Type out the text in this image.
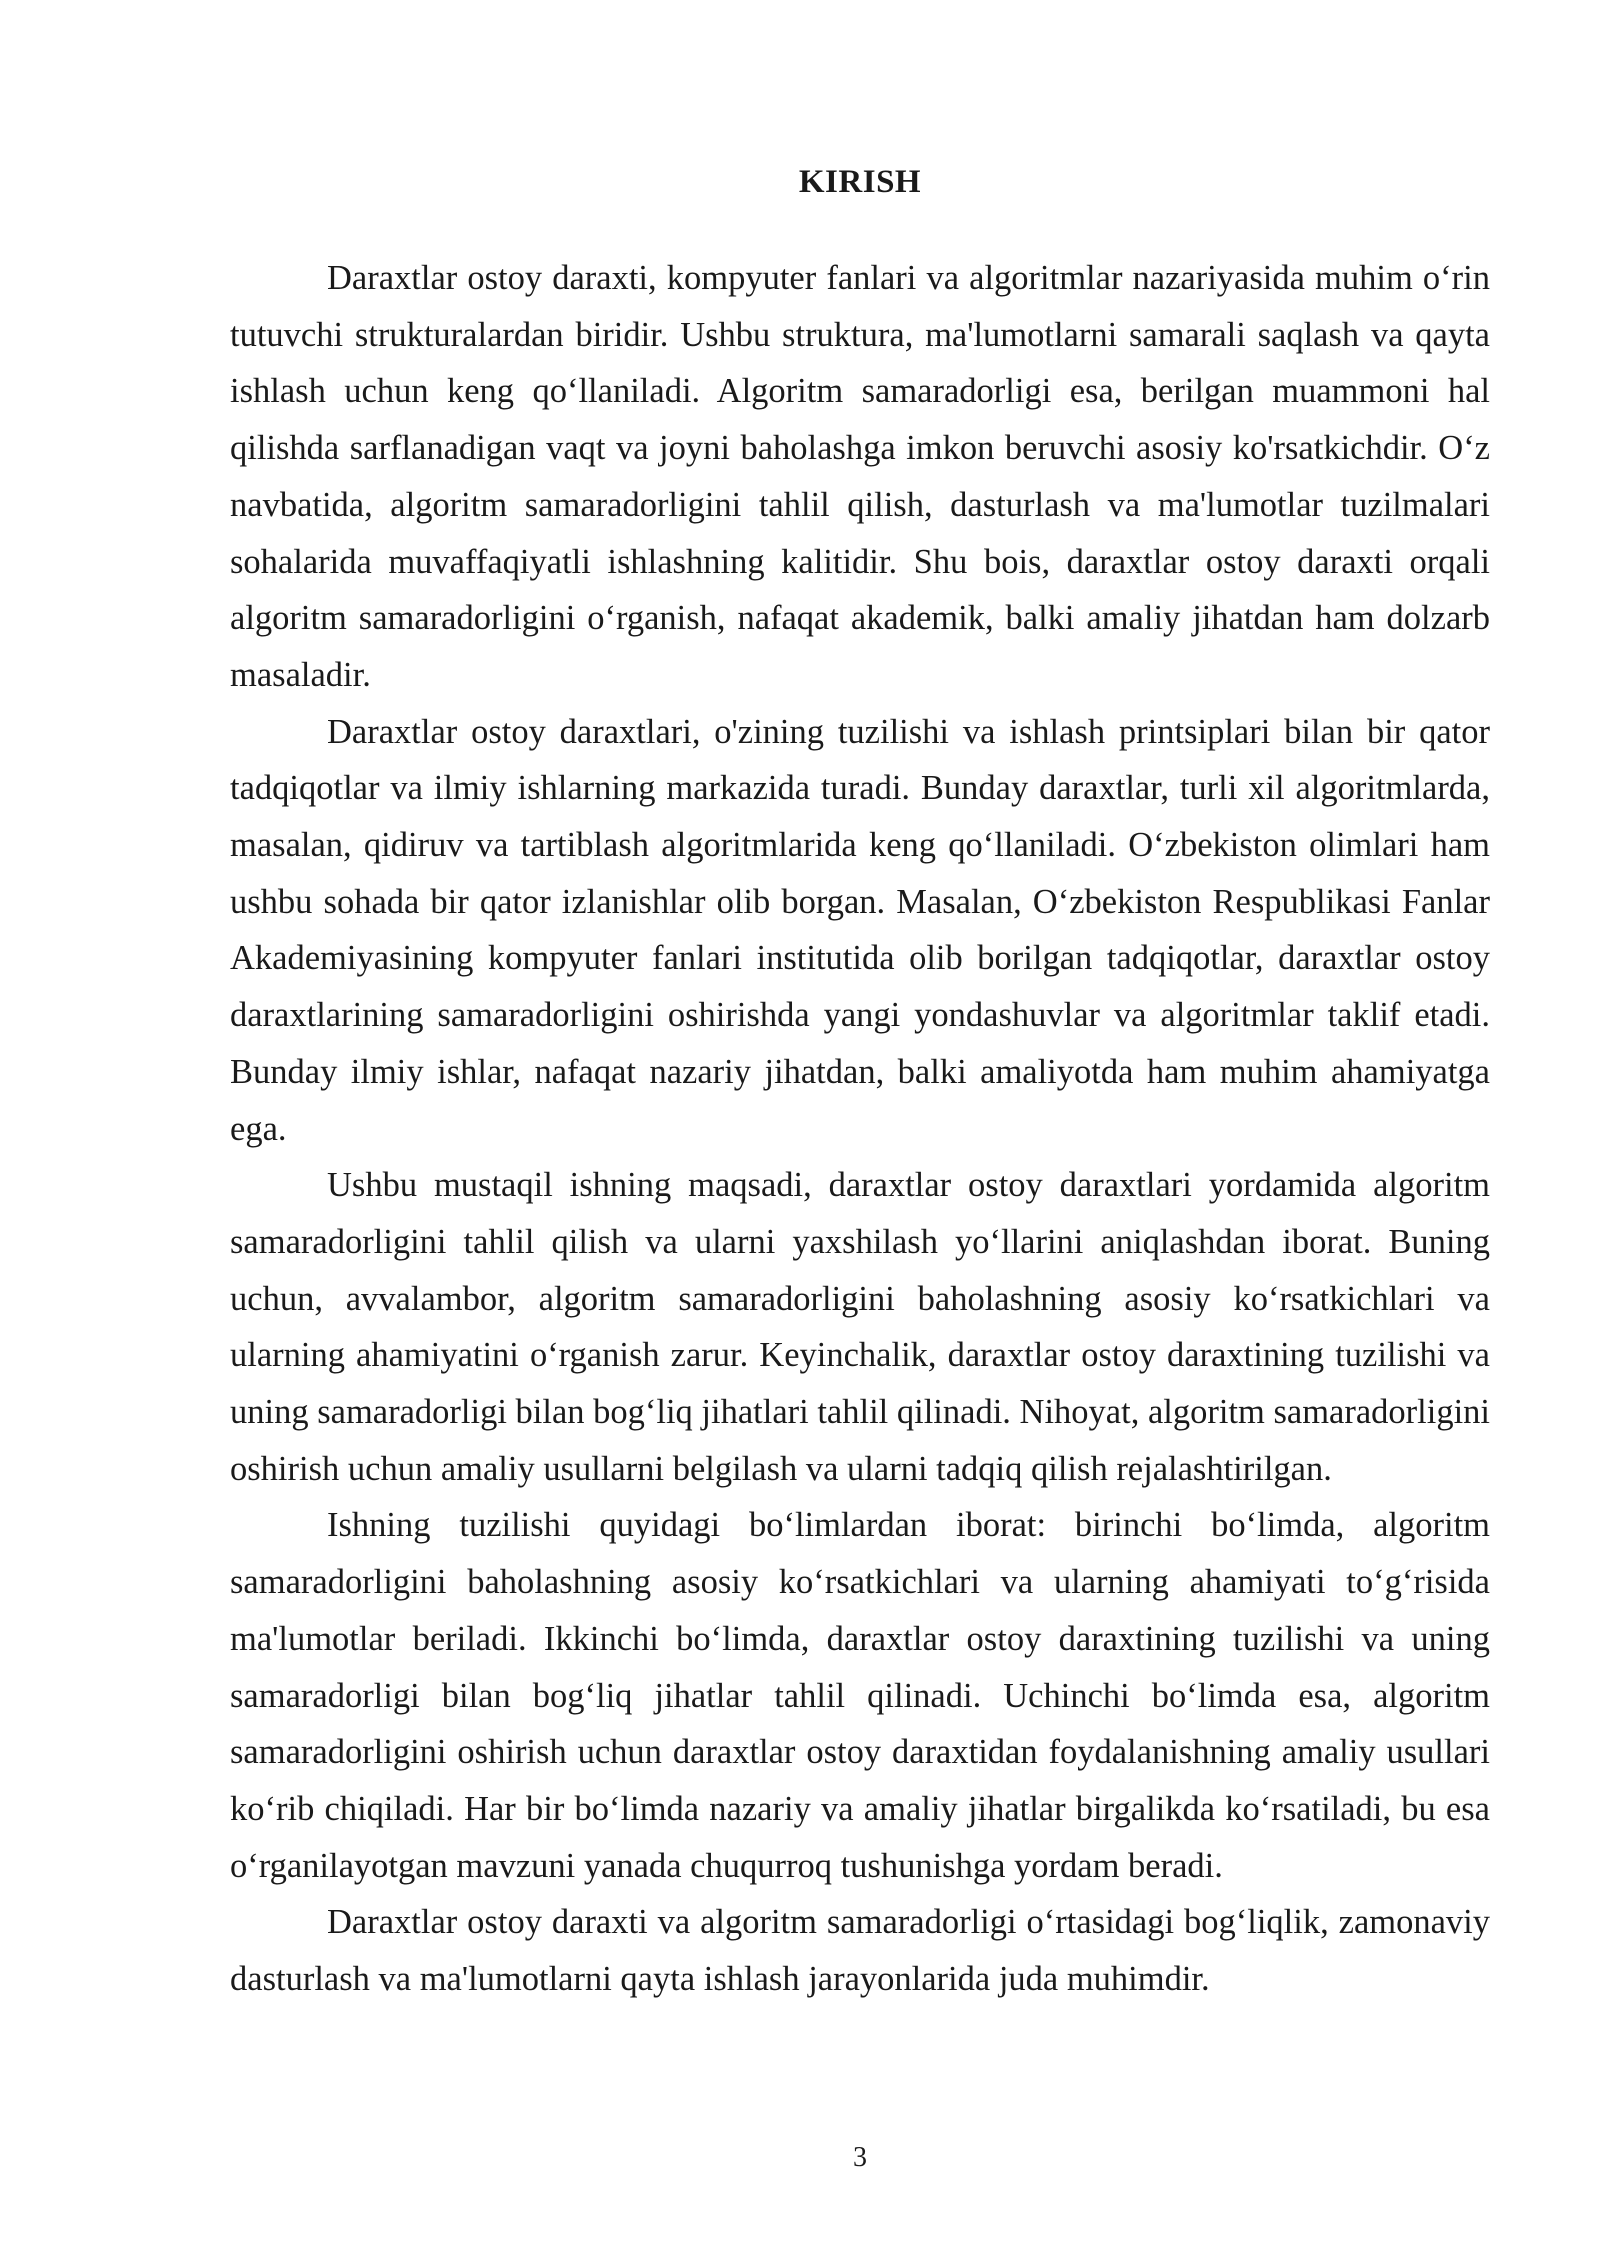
KIRISH

Daraxtlar ostoy daraxti, kompyuter fanlari va algoritmlar nazariyasida muhim o‘rin tutuvchi strukturalardan biridir. Ushbu struktura, ma'lumotlarni samarali saqlash va qayta ishlash uchun keng qo‘llaniladi. Algoritm samaradorligi esa, berilgan muammoni hal qilishda sarflanadigan vaqt va joyni baholashga imkon beruvchi asosiy ko'rsatkichdir. O‘z navbatida, algoritm samaradorligini tahlil qilish, dasturlash va ma'lumotlar tuzilmalari sohalarida muvaffaqiyatli ishlashning kalitidir. Shu bois, daraxtlar ostoy daraxti orqali algoritm samaradorligini o‘rganish, nafaqat akademik, balki amaliy jihatdan ham dolzarb masaladir.

Daraxtlar ostoy daraxtlari, o'zining tuzilishi va ishlash printsiplari bilan bir qator tadqiqotlar va ilmiy ishlarning markazida turadi. Bunday daraxtlar, turli xil algoritmlarda, masalan, qidiruv va tartiblash algoritmlarida keng qo‘llaniladi. O‘zbekiston olimlari ham ushbu sohada bir qator izlanishlar olib borgan. Masalan, O‘zbekiston Respublikasi Fanlar Akademiyasining kompyuter fanlari institutida olib borilgan tadqiqotlar, daraxtlar ostoy daraxtlarining samaradorligini oshirishda yangi yondashuvlar va algoritmlar taklif etadi. Bunday ilmiy ishlar, nafaqat nazariy jihatdan, balki amaliyotda ham muhim ahamiyatga ega.

Ushbu mustaqil ishning maqsadi, daraxtlar ostoy daraxtlari yordamida algoritm samaradorligini tahlil qilish va ularni yaxshilash yo‘llarini aniqlashdan iborat. Buning uchun, avvalambor, algoritm samaradorligini baholashning asosiy ko‘rsatkichlari va ularning ahamiyatini o‘rganish zarur. Keyinchalik, daraxtlar ostoy daraxtining tuzilishi va uning samaradorligi bilan bog‘liq jihatlari tahlil qilinadi. Nihoyat, algoritm samaradorligini oshirish uchun amaliy usullarni belgilash va ularni tadqiq qilish rejalashtirilgan.

Ishning tuzilishi quyidagi bo‘limlardan iborat: birinchi bo‘limda, algoritm samaradorligini baholashning asosiy ko‘rsatkichlari va ularning ahamiyati to‘g‘risida ma'lumotlar beriladi. Ikkinchi bo‘limda, daraxtlar ostoy daraxtining tuzilishi va uning samaradorligi bilan bog‘liq jihatlar tahlil qilinadi. Uchinchi bo‘limda esa, algoritm samaradorligini oshirish uchun daraxtlar ostoy daraxtidan foydalanishning amaliy usullari ko‘rib chiqiladi. Har bir bo‘limda nazariy va amaliy jihatlar birgalikda ko‘rsatiladi, bu esa o‘rganilayotgan mavzuni yanada chuqurroq tushunishga yordam beradi.

Daraxtlar ostoy daraxti va algoritm samaradorligi o‘rtasidagi bog‘liqlik, zamonaviy dasturlash va ma'lumotlarni qayta ishlash jarayonlarida juda muhimdir.

3
